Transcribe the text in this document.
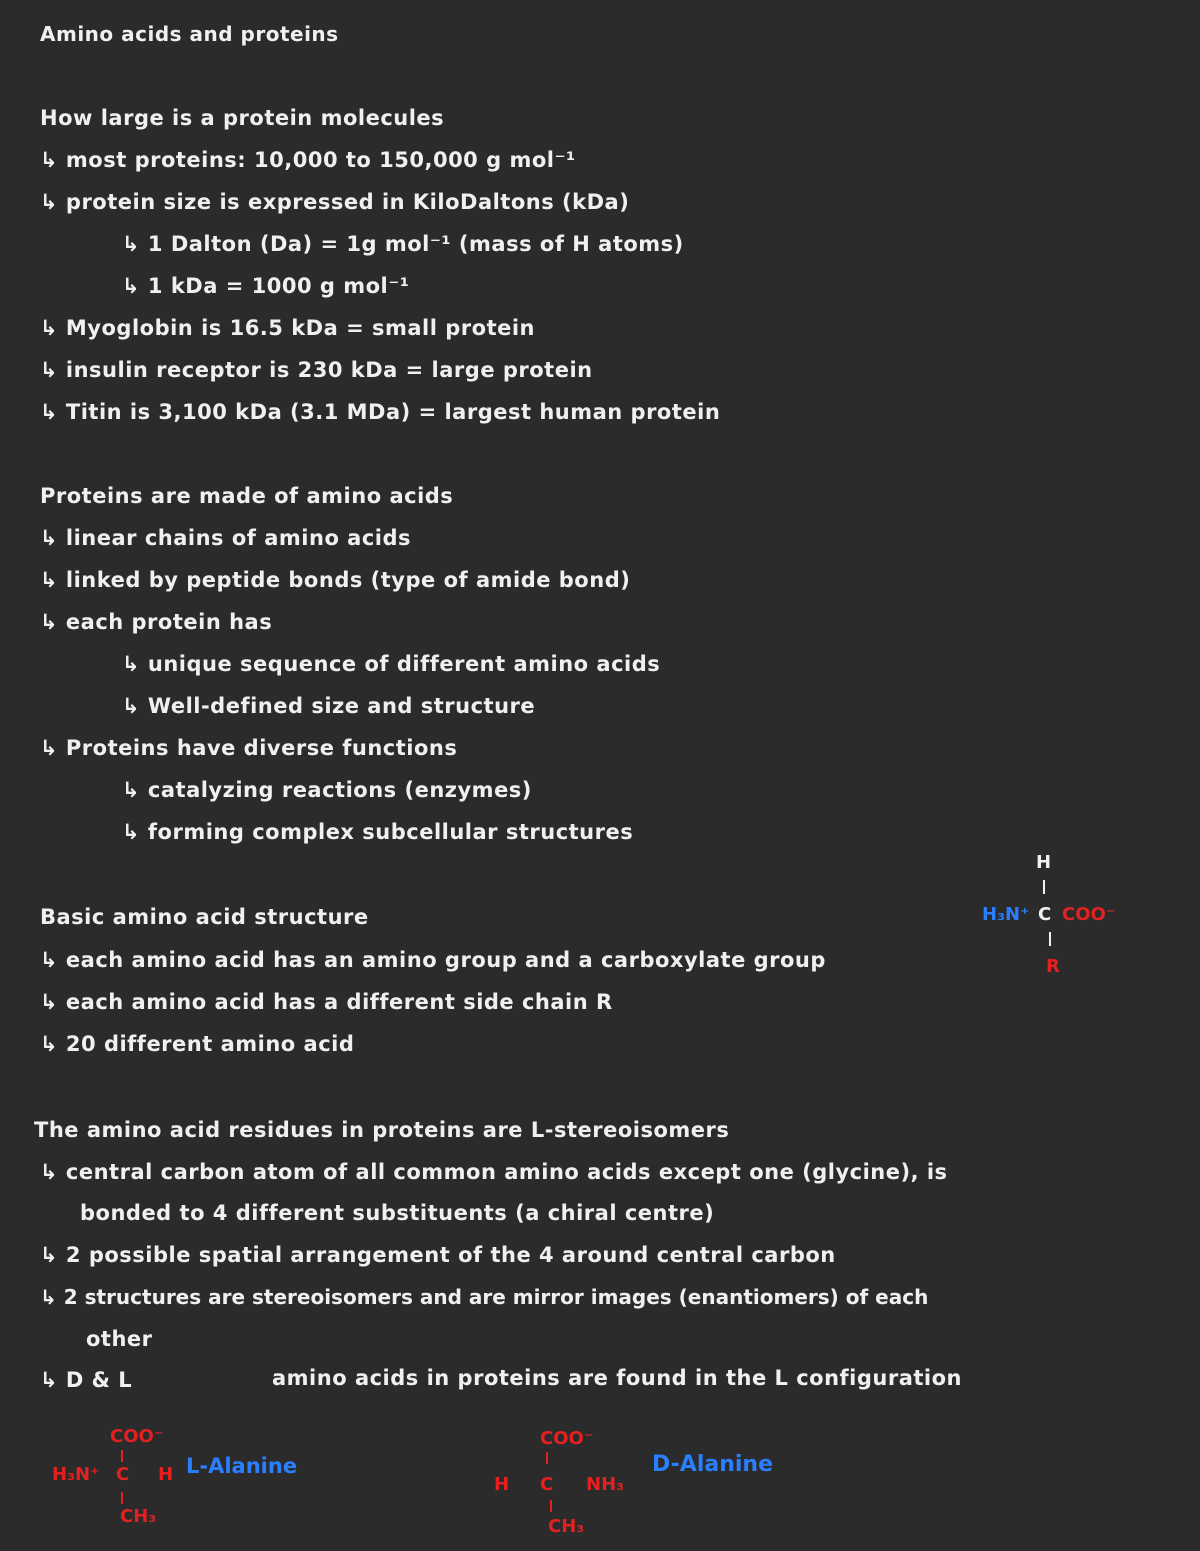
Amino acids and proteins
How large is a protein molecules
↳ most proteins: 10,000 to 150,000 g mol⁻¹
↳ protein size is expressed in KiloDaltons (kDa)
↳ 1 Dalton (Da) = 1g mol⁻¹ (mass of H atoms)
↳ 1 kDa = 1000 g mol⁻¹
↳ Myoglobin is 16.5 kDa = small protein
↳ insulin receptor is 230 kDa = large protein
↳ Titin is 3,100 kDa (3.1 MDa) = largest human protein
Proteins are made of amino acids
↳ linear chains of amino acids
↳ linked by peptide bonds (type of amide bond)
↳ each protein has
↳ unique sequence of different amino acids
↳ Well-defined size and structure
↳ Proteins have diverse functions
↳ catalyzing reactions (enzymes)
↳ forming complex subcellular structures
Basic amino acid structure
↳ each amino acid has an amino group and a carboxylate group
↳ each amino acid has a different side chain R
↳ 20 different amino acid
H
H₃N⁺ C COO⁻
R
The amino acid residues in proteins are L-stereoisomers
↳ central carbon atom of all common amino acids except one (glycine), is
bonded to 4 different substituents (a chiral centre)
↳ 2 possible spatial arrangement of the 4 around central carbon
↳ 2 structures are stereoisomers and are mirror images (enantiomers) of each
other
↳ D & L	amino acids in proteins are found in the L configuration
COO⁻
H₃N⁺ C H
CH₃
L-Alanine
COO⁻
H C NH₃
CH₃
D-Alanine
